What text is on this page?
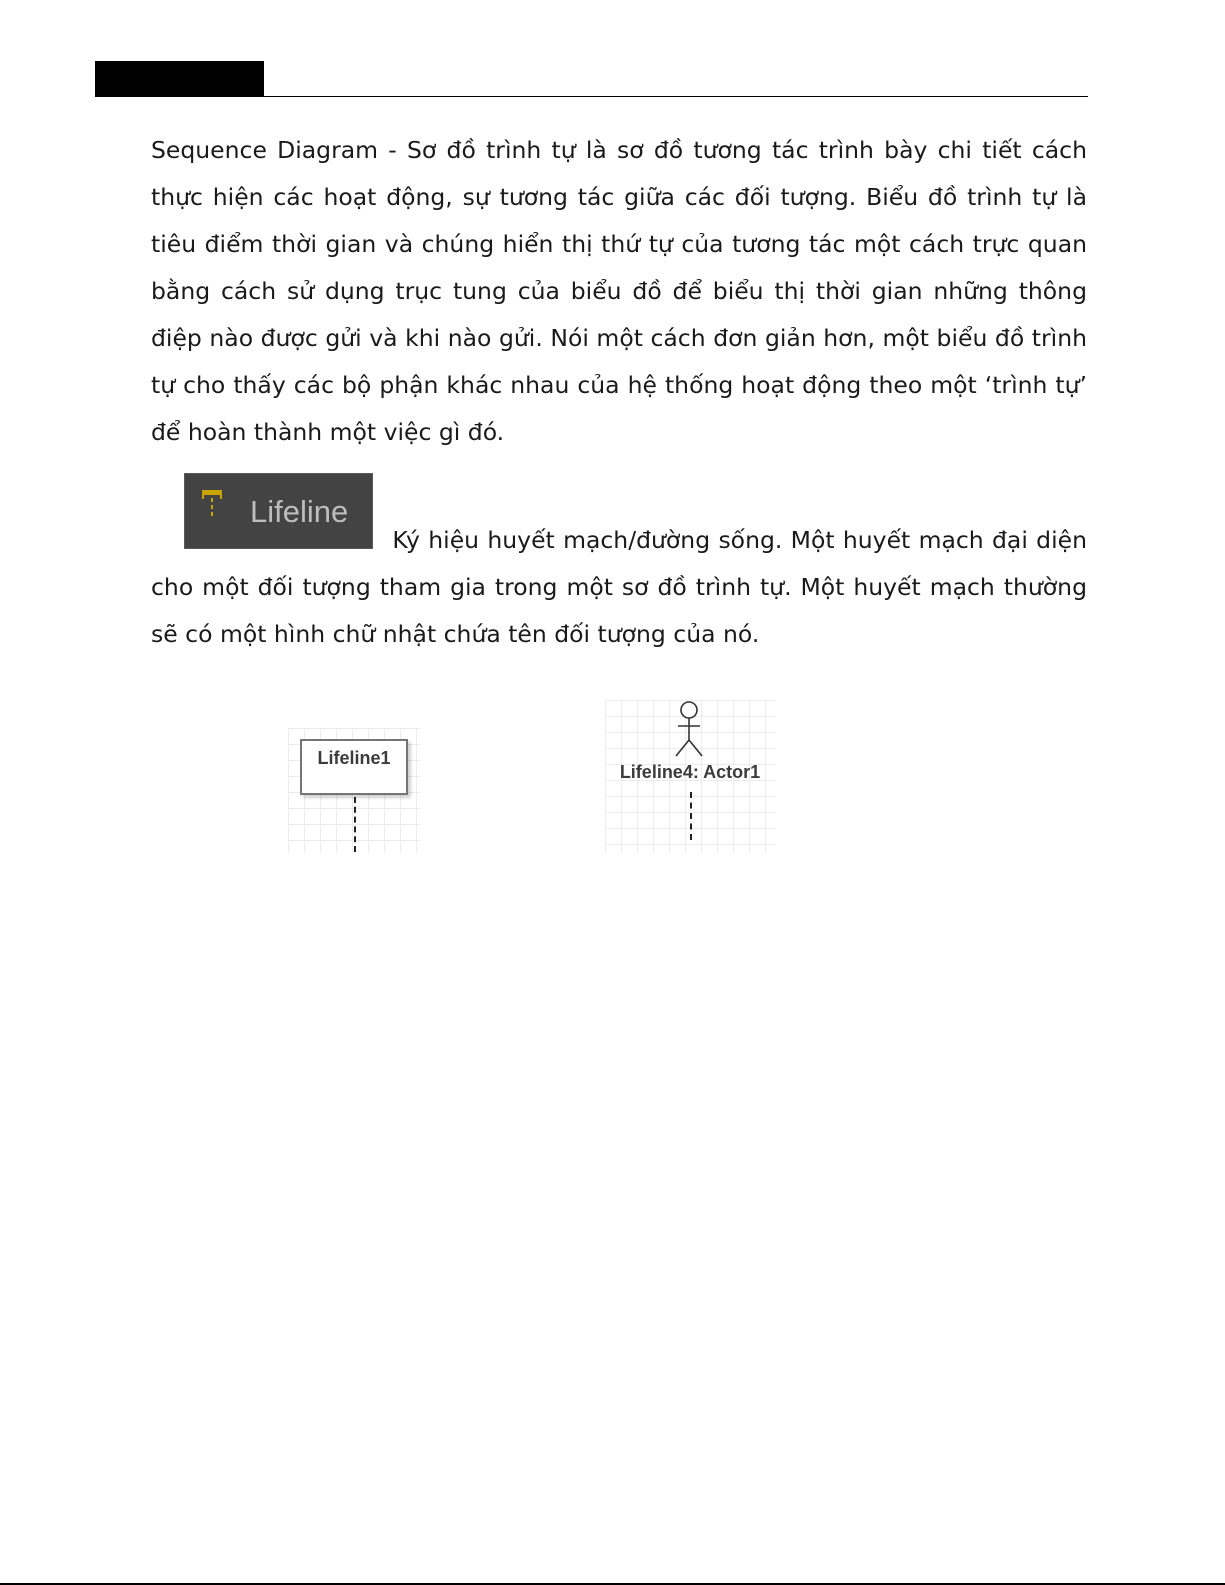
Sequence Diagram - Sơ đồ trình tự là sơ đồ tương tác trình bày chi tiết cách thực hiện các hoạt động, sự tương tác giữa các đối tượng. Biểu đồ trình tự là tiêu điểm thời gian và chúng hiển thị thứ tự của tương tác một cách trực quan bằng cách sử dụng trục tung của biểu đồ để biểu thị thời gian những thông điệp nào được gửi và khi nào gửi. Nói một cách đơn giản hơn, một biểu đồ trình tự cho thấy các bộ phận khác nhau của hệ thống hoạt động theo một ‘trình tự’ để hoàn thành một việc gì đó.

Lifeline

Ký hiệu huyết mạch/đường sống. Một huyết mạch đại diện cho một đối tượng tham gia trong một sơ đồ trình tự. Một huyết mạch thường sẽ có một hình chữ nhật chứa tên đối tượng của nó.

Lifeline1
Lifeline4: Actor1
